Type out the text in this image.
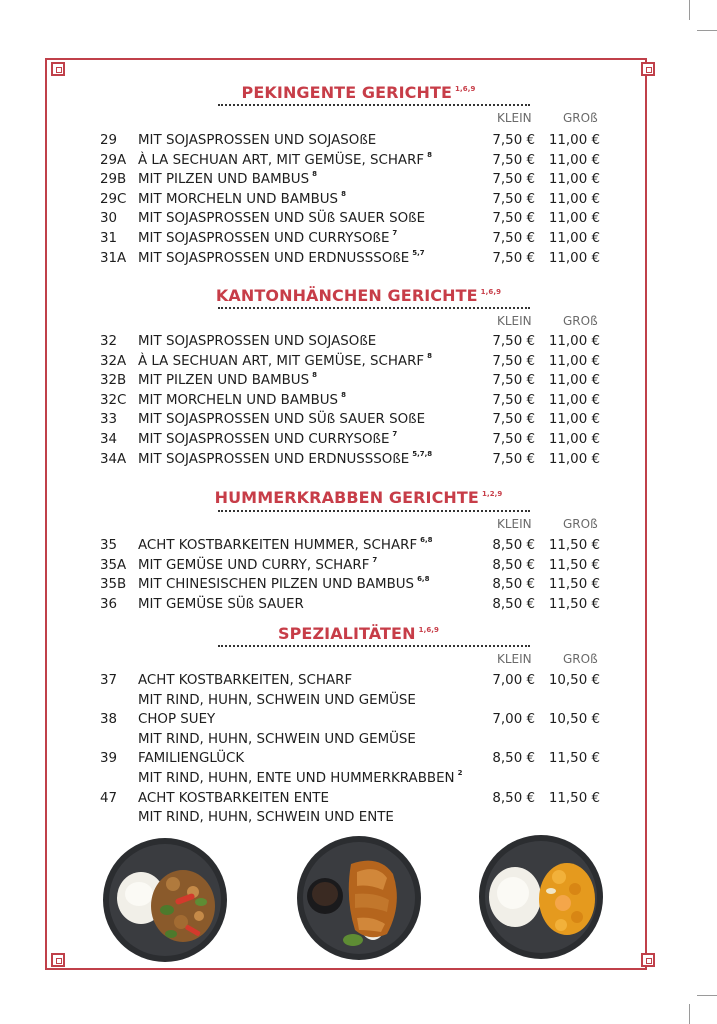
PEKINGENTE GERICHTE $^{1,6,9}$
KLEIN	GROß
29 MIT SOJASPROSSEN UND SOJASOßE	7,50 € 11,00 €
29A À LA SECHUAN ART, MIT GEMÜSE, SCHARF $^8$	7,50 € 11,00 €
29B MIT PILZEN UND BAMBUS $^8$	7,50 € 11,00 €
29C MIT MORCHELN UND BAMBUS $^8$	7,50 € 11,00 €
30 MIT SOJASPROSSEN UND SÜß SAUER SOßE	7,50 € 11,00 €
31 MIT SOJASPROSSEN UND CURRYSOßE $^7$	7,50 € 11,00 €
31A MIT SOJASPROSSEN UND ERDNUSSSOßE $^{5,7}$	7,50 € 11,00 €
KANTONHÄNCHEN GERICHTE $^{1,6,9}$
KLEIN	GROß
32 MIT SOJASPROSSEN UND SOJASOßE	7,50 € 11,00 €
32A À LA SECHUAN ART, MIT GEMÜSE, SCHARF $^8$	7,50 € 11,00 €
32B MIT PILZEN UND BAMBUS $^8$	7,50 € 11,00 €
32C MIT MORCHELN UND BAMBUS $^8$	7,50 € 11,00 €
33 MIT SOJASPROSSEN UND SÜß SAUER SOßE	7,50 € 11,00 €
34 MIT SOJASPROSSEN UND CURRYSOßE $^7$	7,50 € 11,00 €
34A MIT SOJASPROSSEN UND ERDNUSSSOßE $^{5,7,8}$	7,50 € 11,00 €
HUMMERKRABBEN GERICHTE $^{1,2,9}$
KLEIN	GROß
35 ACHT KOSTBARKEITEN HUMMER, SCHARF $^{6,8}$	8,50 € 11,50 €
35A MIT GEMÜSE UND CURRY, SCHARF $^7$	8,50 € 11,50 €
35B MIT CHINESISCHEN PILZEN UND BAMBUS $^{6,8}$	8,50 € 11,50 €
36 MIT GEMÜSE SÜß SAUER	8,50 € 11,50 €
SPEZIALITÄTEN $^{1,6,9}$
KLEIN	GROß
37 ACHT KOSTBARKEITEN, SCHARF	7,00 € 10,50 €
MIT RIND, HUHN, SCHWEIN UND GEMÜSE
38 CHOP SUEY	7,00 € 10,50 €
MIT RIND, HUHN, SCHWEIN UND GEMÜSE
39 FAMILIENGLÜCK	8,50 € 11,50 €
MIT RIND, HUHN, ENTE UND HUMMERKRABBEN $^2$
47 ACHT KOSTBARKEITEN ENTE	8,50 € 11,50 €
MIT RIND, HUHN, SCHWEIN UND ENTE
